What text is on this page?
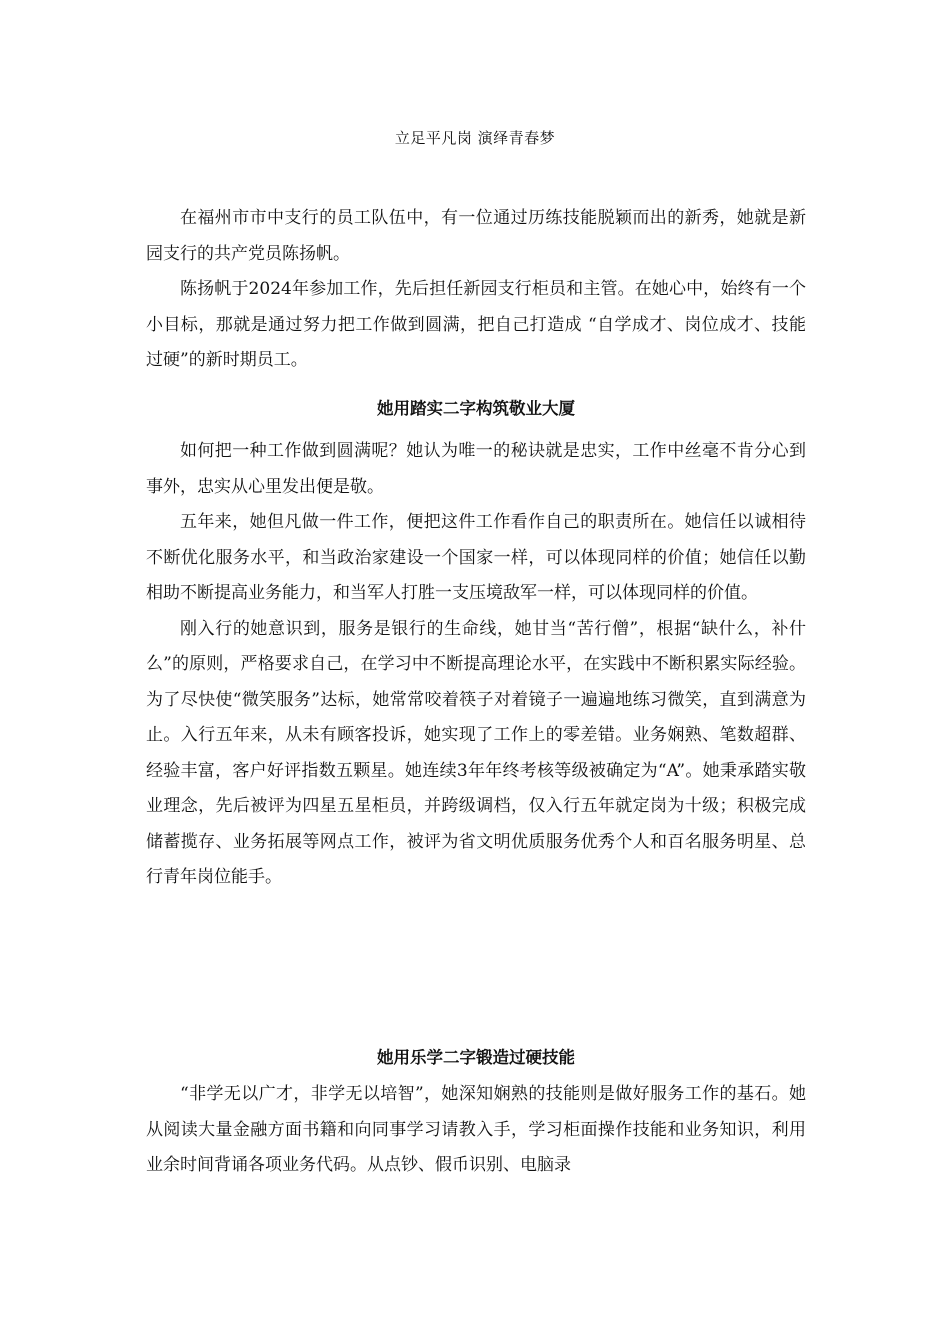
立足平凡岗 演绎青春梦

在福州市市中支行的员工队伍中，有一位通过历练技能脱颖而出的新秀，她就是新园支行的共产党员陈扬帆。

陈扬帆于2024年参加工作，先后担任新园支行柜员和主管。在她心中，始终有一个小目标，那就是通过努力把工作做到圆满，把自己打造成 “自学成才、岗位成才、技能过硬”的新时期员工。

她用踏实二字构筑敬业大厦

如何把一种工作做到圆满呢？她认为唯一的秘诀就是忠实，工作中丝毫不肯分心到事外，忠实从心里发出便是敬。

五年来，她但凡做一件工作，便把这件工作看作自己的职责所在。她信任以诚相待不断优化服务水平，和当政治家建设一个国家一样，可以体现同样的价值；她信任以勤相助不断提高业务能力，和当军人打胜一支压境敌军一样，可以体现同样的价值。

刚入行的她意识到，服务是银行的生命线，她甘当“苦行僧”，根据“缺什么，补什么”的原则，严格要求自己，在学习中不断提高理论水平，在实践中不断积累实际经验。为了尽快使“微笑服务”达标，她常常咬着筷子对着镜子一遍遍地练习微笑，直到满意为止。入行五年来，从未有顾客投诉，她实现了工作上的零差错。业务娴熟、笔数超群、经验丰富，客户好评指数五颗星。她连续3年年终考核等级被确定为“A”。她秉承踏实敬业理念，先后被评为四星五星柜员，并跨级调档，仅入行五年就定岗为十级；积极完成储蓄揽存、业务拓展等网点工作，被评为省文明优质服务优秀个人和百名服务明星、总行青年岗位能手。

她用乐学二字锻造过硬技能

“非学无以广才，非学无以培智”，她深知娴熟的技能则是做好服务工作的基石。她从阅读大量金融方面书籍和向同事学习请教入手，学习柜面操作技能和业务知识，利用业余时间背诵各项业务代码。从点钞、假币识别、电脑录
